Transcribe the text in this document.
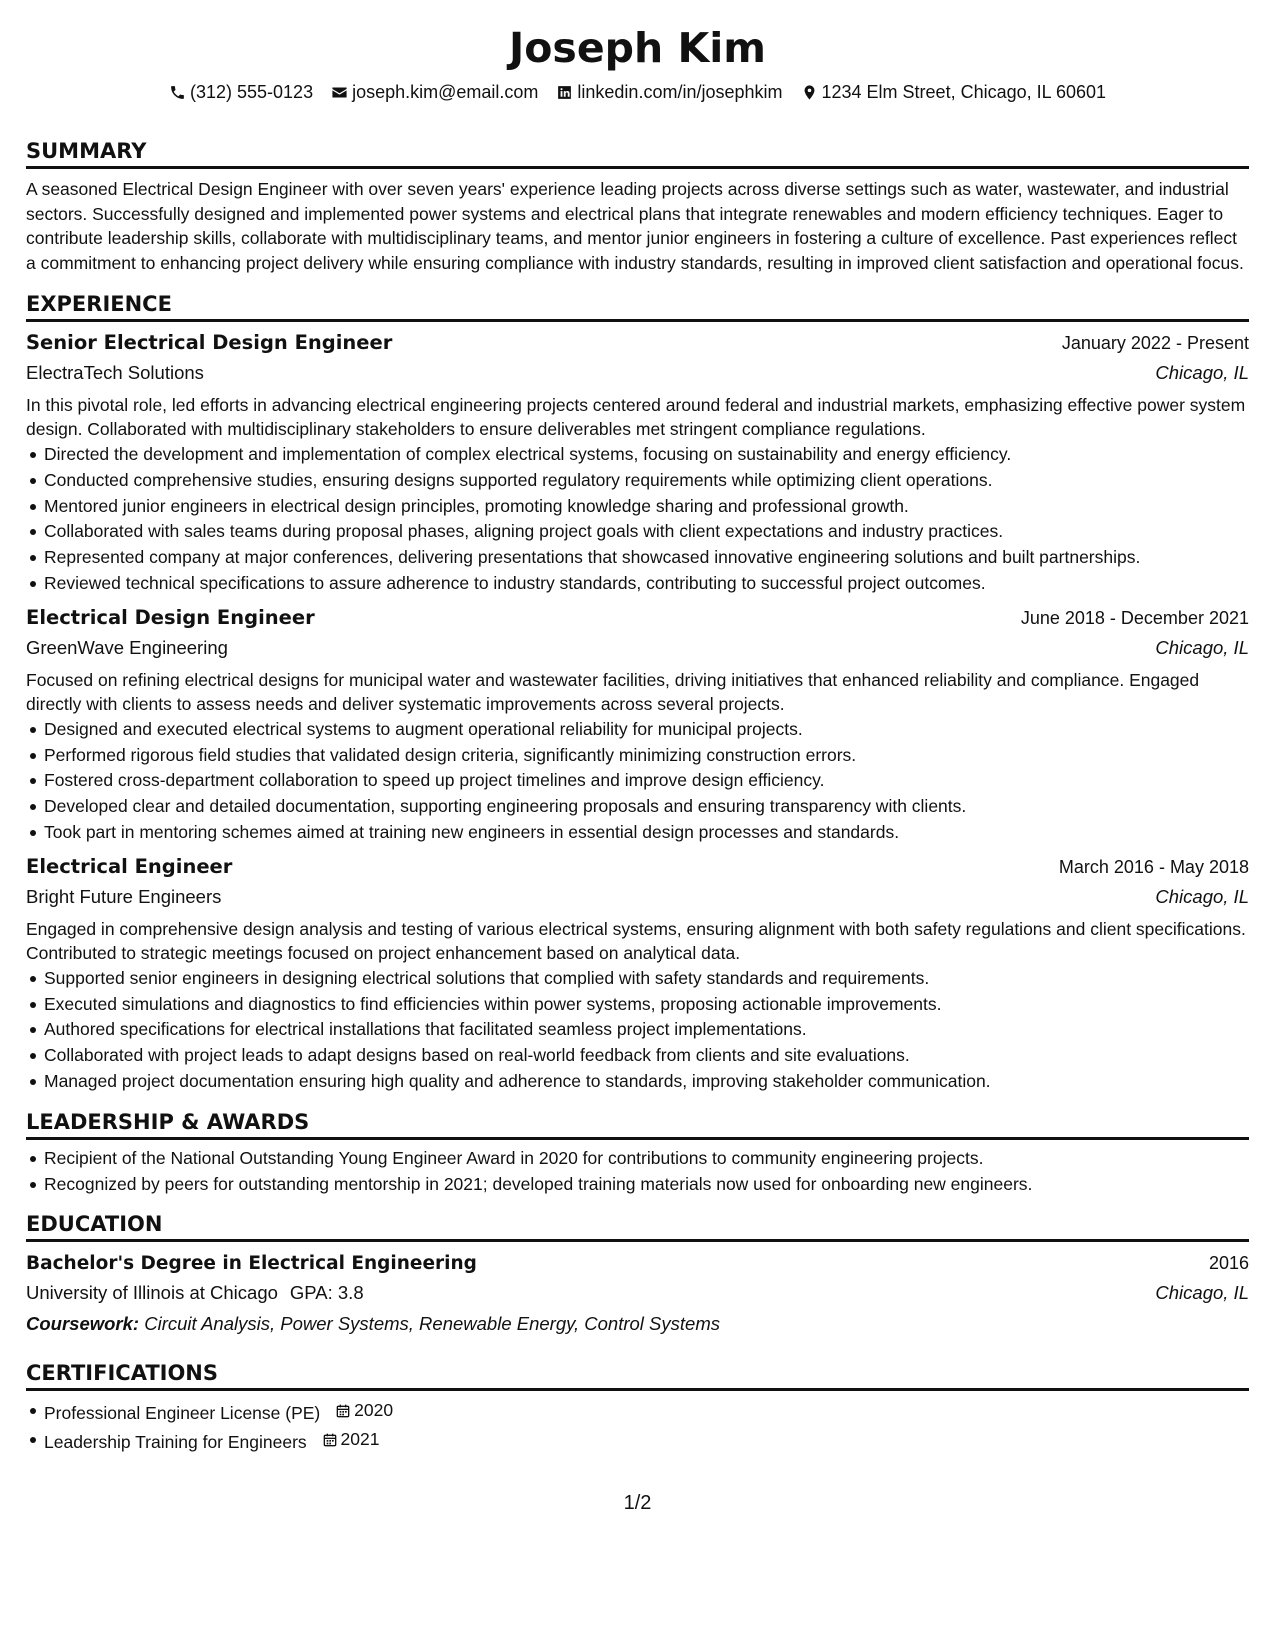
Joseph Kim
(312) 555-0123 joseph.kim@email.com linkedin.com/in/josephkim 1234 Elm Street, Chicago, IL 60601
SUMMARY
A seasoned Electrical Design Engineer with over seven years' experience leading projects across diverse settings such as water, wastewater, and industrial sectors. Successfully designed and implemented power systems and electrical plans that integrate renewables and modern efficiency techniques. Eager to contribute leadership skills, collaborate with multidisciplinary teams, and mentor junior engineers in fostering a culture of excellence. Past experiences reflect a commitment to enhancing project delivery while ensuring compliance with industry standards, resulting in improved client satisfaction and operational focus.
EXPERIENCE
Senior Electrical Design Engineer	January 2022 - Present
ElectraTech Solutions	Chicago, IL
In this pivotal role, led efforts in advancing electrical engineering projects centered around federal and industrial markets, emphasizing effective power system design. Collaborated with multidisciplinary stakeholders to ensure deliverables met stringent compliance regulations.
Directed the development and implementation of complex electrical systems, focusing on sustainability and energy efficiency.
Conducted comprehensive studies, ensuring designs supported regulatory requirements while optimizing client operations.
Mentored junior engineers in electrical design principles, promoting knowledge sharing and professional growth.
Collaborated with sales teams during proposal phases, aligning project goals with client expectations and industry practices.
Represented company at major conferences, delivering presentations that showcased innovative engineering solutions and built partnerships.
Reviewed technical specifications to assure adherence to industry standards, contributing to successful project outcomes.
Electrical Design Engineer	June 2018 - December 2021
GreenWave Engineering	Chicago, IL
Focused on refining electrical designs for municipal water and wastewater facilities, driving initiatives that enhanced reliability and compliance. Engaged directly with clients to assess needs and deliver systematic improvements across several projects.
Designed and executed electrical systems to augment operational reliability for municipal projects.
Performed rigorous field studies that validated design criteria, significantly minimizing construction errors.
Fostered cross-department collaboration to speed up project timelines and improve design efficiency.
Developed clear and detailed documentation, supporting engineering proposals and ensuring transparency with clients.
Took part in mentoring schemes aimed at training new engineers in essential design processes and standards.
Electrical Engineer	March 2016 - May 2018
Bright Future Engineers	Chicago, IL
Engaged in comprehensive design analysis and testing of various electrical systems, ensuring alignment with both safety regulations and client specifications. Contributed to strategic meetings focused on project enhancement based on analytical data.
Supported senior engineers in designing electrical solutions that complied with safety standards and requirements.
Executed simulations and diagnostics to find efficiencies within power systems, proposing actionable improvements.
Authored specifications for electrical installations that facilitated seamless project implementations.
Collaborated with project leads to adapt designs based on real-world feedback from clients and site evaluations.
Managed project documentation ensuring high quality and adherence to standards, improving stakeholder communication.
LEADERSHIP & AWARDS
Recipient of the National Outstanding Young Engineer Award in 2020 for contributions to community engineering projects.
Recognized by peers for outstanding mentorship in 2021; developed training materials now used for onboarding new engineers.
EDUCATION
Bachelor's Degree in Electrical Engineering	2016
University of Illinois at Chicago GPA: 3.8	Chicago, IL
Coursework: Circuit Analysis, Power Systems, Renewable Energy, Control Systems
CERTIFICATIONS
Professional Engineer License (PE) 2020
Leadership Training for Engineers 2021
1/2
